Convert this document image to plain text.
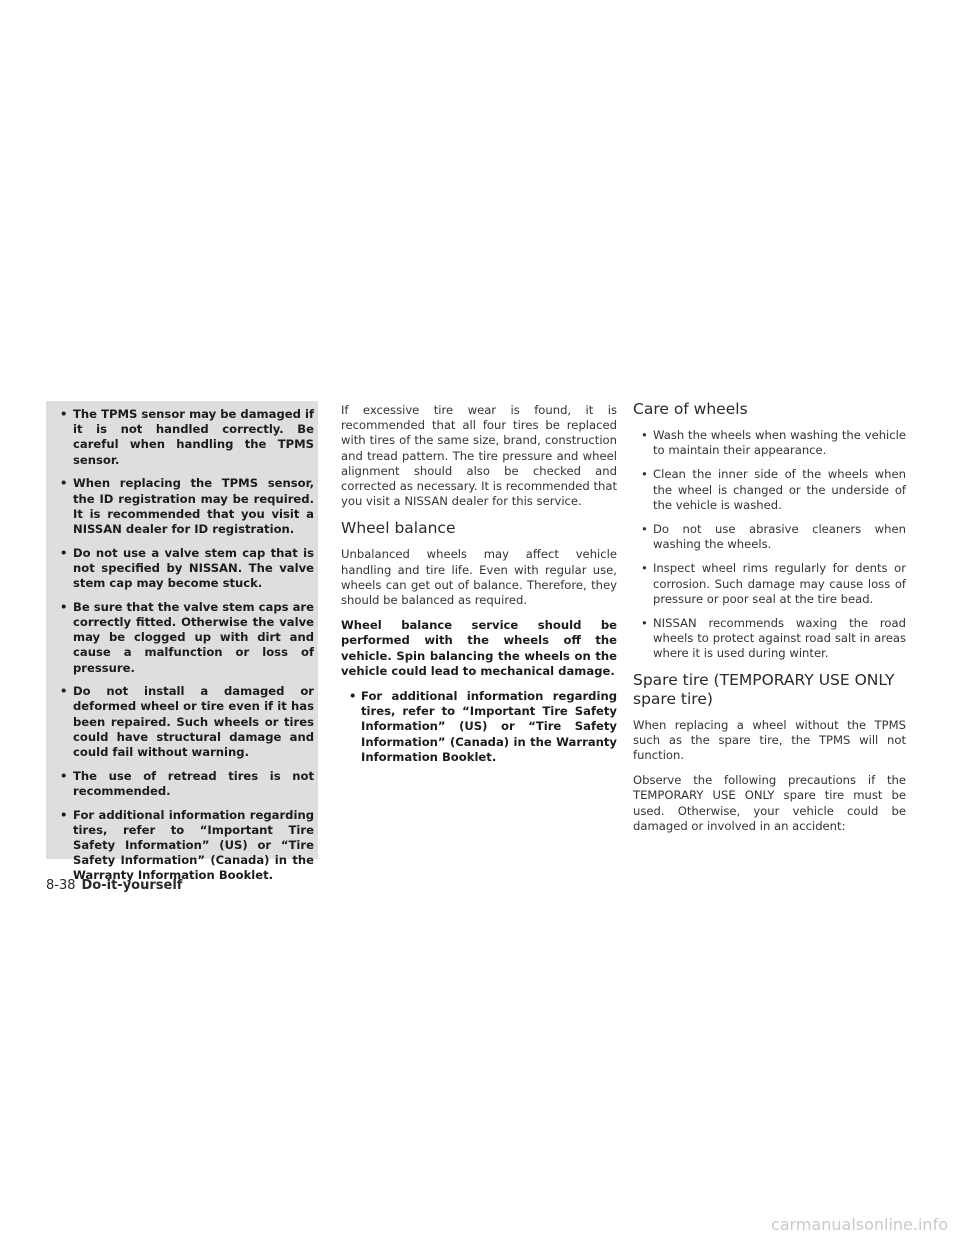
• The TPMS sensor may be damaged if it is not handled correctly. Be careful when handling the TPMS sensor.
• When replacing the TPMS sensor, the ID registration may be required. It is recommended that you visit a NISSAN dealer for ID registration.
• Do not use a valve stem cap that is not specified by NISSAN. The valve stem cap may become stuck.
• Be sure that the valve stem caps are correctly fitted. Otherwise the valve may be clogged up with dirt and cause a malfunction or loss of pressure.
• Do not install a damaged or deformed wheel or tire even if it has been repaired. Such wheels or tires could have structural damage and could fail without warning.
• The use of retread tires is not recommended.
• For additional information regarding tires, refer to “Important Tire Safety Information” (US) or “Tire Safety Information” (Canada) in the Warranty Information Booklet.

If excessive tire wear is found, it is recommended that all four tires be replaced with tires of the same size, brand, construction and tread pattern. The tire pressure and wheel alignment should also be checked and corrected as necessary. It is recommended that you visit a NISSAN dealer for this service.

Wheel balance

Unbalanced wheels may affect vehicle handling and tire life. Even with regular use, wheels can get out of balance. Therefore, they should be balanced as required.

Wheel balance service should be performed with the wheels off the vehicle. Spin balancing the wheels on the vehicle could lead to mechanical damage.

• For additional information regarding tires, refer to “Important Tire Safety Information” (US) or “Tire Safety Information” (Canada) in the Warranty Information Booklet.
Care of wheels
• Wash the wheels when washing the vehicle to maintain their appearance.
• Clean the inner side of the wheels when the wheel is changed or the underside of the vehicle is washed.
• Do not use abrasive cleaners when washing the wheels.
• Inspect wheel rims regularly for dents or corrosion. Such damage may cause loss of pressure or poor seal at the tire bead.
• NISSAN recommends waxing the road wheels to protect against road salt in areas where it is used during winter.
Spare tire (TEMPORARY USE ONLY spare tire)

When replacing a wheel without the TPMS such as the spare tire, the TPMS will not function.

Observe the following precautions if the TEMPORARY USE ONLY spare tire must be used. Otherwise, your vehicle could be damaged or involved in an accident:

8-38 Do-it-yourself
carmanualsonline.info
